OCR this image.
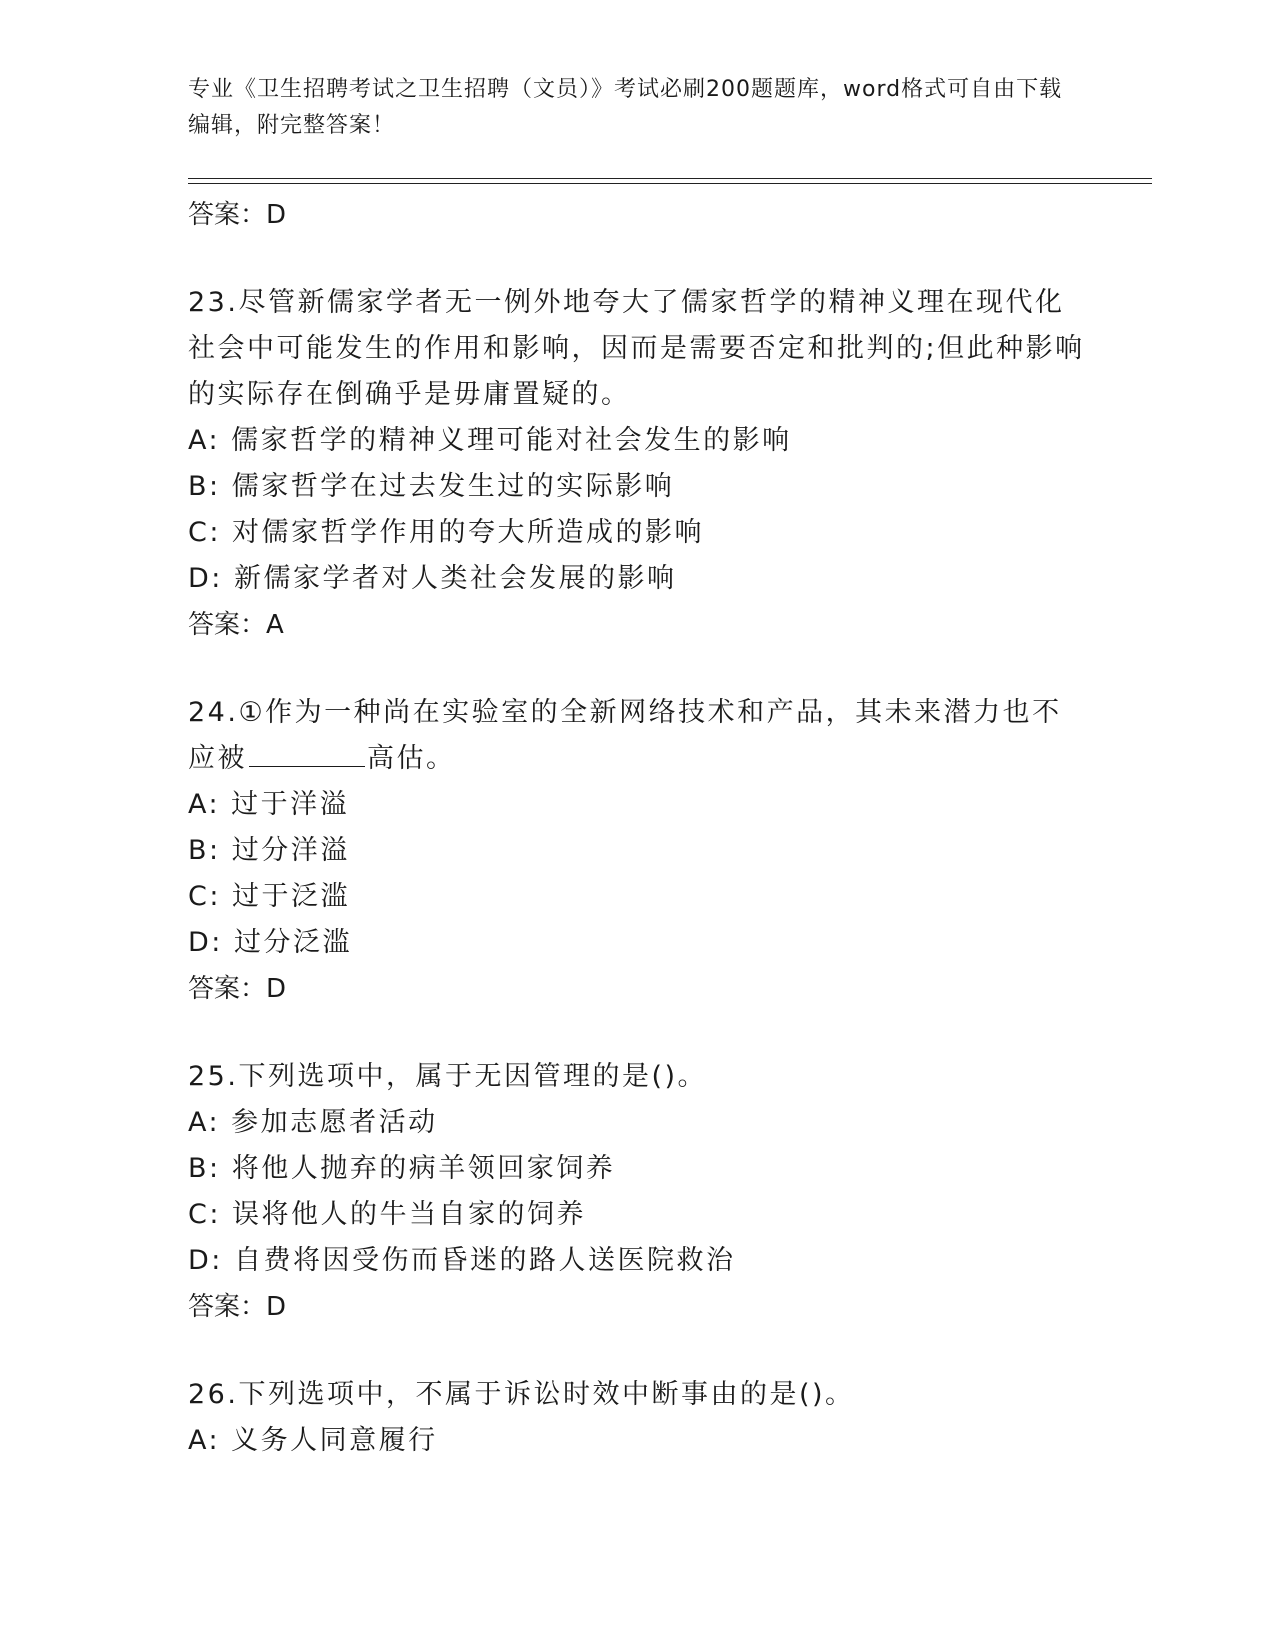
专业《卫生招聘考试之卫生招聘（文员）》考试必刷200题题库，word格式可自由下载编辑，附完整答案！

答案：D

23.尽管新儒家学者无一例外地夸大了儒家哲学的精神义理在现代化社会中可能发生的作用和影响，因而是需要否定和批判的;但此种影响的实际存在倒确乎是毋庸置疑的。

A: 儒家哲学的精神义理可能对社会发生的影响

B: 儒家哲学在过去发生过的实际影响

C: 对儒家哲学作用的夸大所造成的影响

D: 新儒家学者对人类社会发展的影响

答案：A

24.①作为一种尚在实验室的全新网络技术和产品，其未来潜力也不应被	高估。

A: 过于洋溢

B: 过分洋溢

C: 过于泛滥

D: 过分泛滥

答案：D

25.下列选项中，属于无因管理的是()。

A: 参加志愿者活动

B: 将他人抛弃的病羊领回家饲养

C: 误将他人的牛当自家的饲养

D: 自费将因受伤而昏迷的路人送医院救治

答案：D

26.下列选项中，不属于诉讼时效中断事由的是()。

A: 义务人同意履行
